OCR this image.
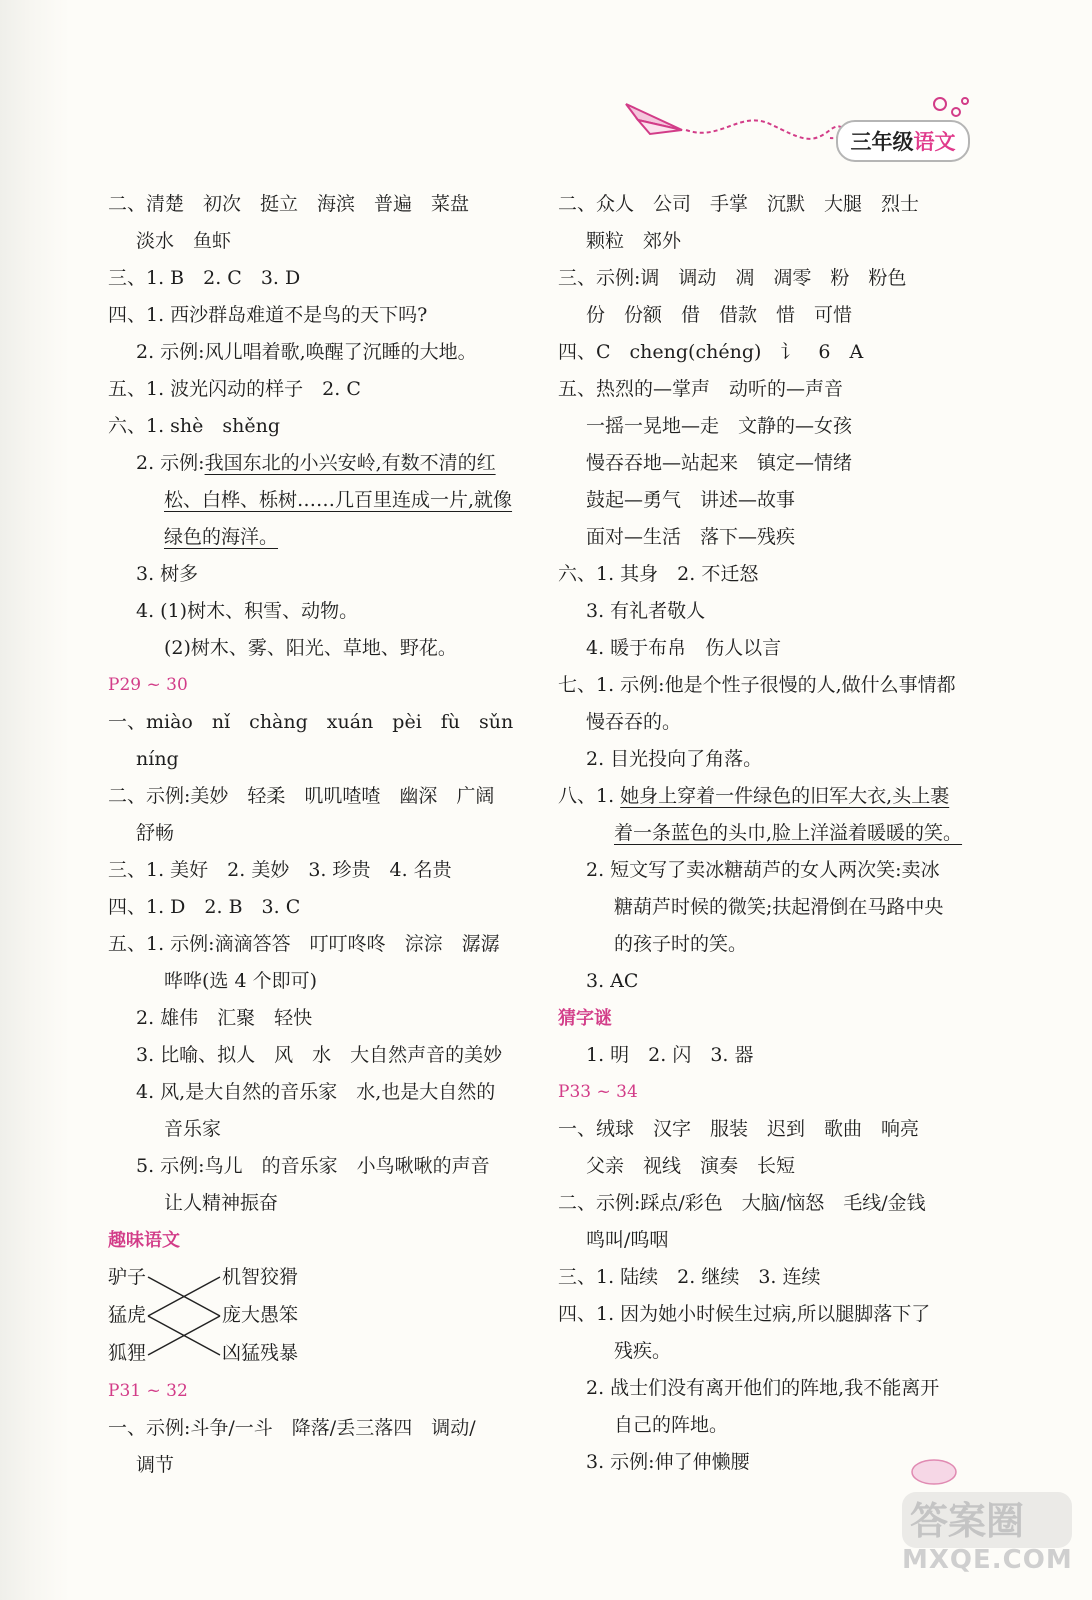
三年级 语文
二、清楚　初次　挺立　海滨　普遍　菜盘
淡水　鱼虾
三、1. B　2. C　3. D
四、1. 西沙群岛难道不是鸟的天下吗?
2. 示例:风儿唱着歌,唤醒了沉睡的大地。
五、1. 波光闪动的样子　2. C
六、1. shè　shěng
2. 示例:我国东北的小兴安岭,有数不清的红
松、白桦、栎树……几百里连成一片,就像
绿色的海洋。
3. 树多
4. (1)树木、积雪、动物。
(2)树木、雾、阳光、草地、野花。
P29 ~ 30
一、miào　nǐ　chàng　xuán　pèi　fù　sǔn
níng
二、示例:美妙　轻柔　叽叽喳喳　幽深　广阔
舒畅
三、1. 美好　2. 美妙　3. 珍贵　4. 名贵
四、1. D　2. B　3. C
五、1. 示例:滴滴答答　叮叮咚咚　淙淙　潺潺
哗哗(选 4 个即可)
2. 雄伟　汇聚　轻快
3. 比喻、拟人　风　水　大自然声音的美妙
4. 风,是大自然的音乐家　水,也是大自然的
音乐家
5. 示例:鸟儿　的音乐家　小鸟啾啾的声音
让人精神振奋
趣味语文
驴子
猛虎
狐狸
机智狡猾
庞大愚笨
凶猛残暴
P31 ~ 32
一、示例:斗争/一斗　降落/丢三落四　调动/
调节
二、众人　公司　手掌　沉默　大腿　烈士
颗粒　郊外
三、示例:调　调动　凋　凋零　粉　粉色
份　份额　借　借款　惜　可惜
四、C　cheng(chéng)　讠　6　A
五、热烈的—掌声　动听的—声音
一摇一晃地—走　文静的—女孩
慢吞吞地—站起来　镇定—情绪
鼓起—勇气　讲述—故事
面对—生活　落下—残疾
六、1. 其身　2. 不迁怒
3. 有礼者敬人
4. 暖于布帛　伤人以言
七、1. 示例:他是个性子很慢的人,做什么事情都
慢吞吞的。
2. 目光投向了角落。
八、1. 她身上穿着一件绿色的旧军大衣,头上裹
着一条蓝色的头巾,脸上洋溢着暖暖的笑。
2. 短文写了卖冰糖葫芦的女人两次笑:卖冰
糖葫芦时候的微笑;扶起滑倒在马路中央
的孩子时的笑。
3. AC
猜字谜
1. 明　2. 闪　3. 器
P33 ~ 34
一、绒球　汉字　服装　迟到　歌曲　响亮
父亲　视线　演奏　长短
二、示例:踩点/彩色　大脑/恼怒　毛线/金钱
鸣叫/呜咽
三、1. 陆续　2. 继续　3. 连续
四、1. 因为她小时候生过病,所以腿脚落下了
残疾。
2. 战士们没有离开他们的阵地,我不能离开
自己的阵地。
3. 示例:伸了伸懒腰
答案圈
MXQE.COM
